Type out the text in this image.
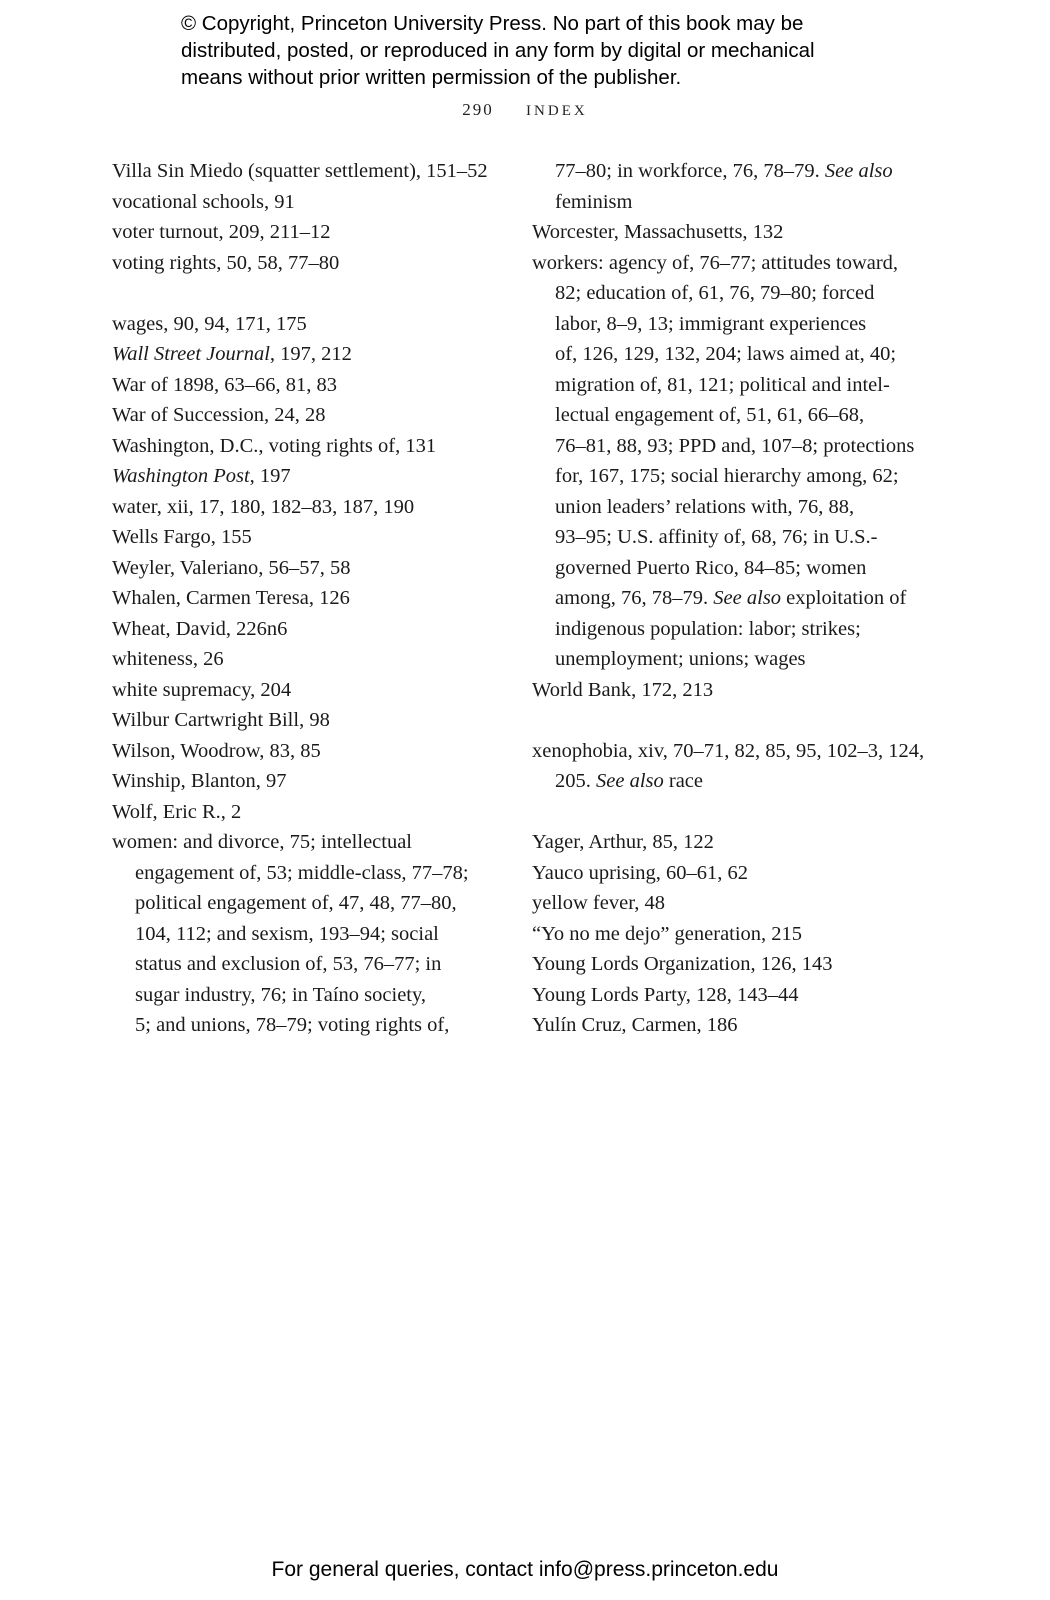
© Copyright, Princeton University Press. No part of this book may be
distributed, posted, or reproduced in any form by digital or mechanical
means without prior written permission of the publisher.
290 INDEX
Villa Sin Miedo (squatter settlement), 151–52
vocational schools, 91
voter turnout, 209, 211–12
voting rights, 50, 58, 77–80
wages, 90, 94, 171, 175
Wall Street Journal, 197, 212
War of 1898, 63–66, 81, 83
War of Succession, 24, 28
Washington, D.C., voting rights of, 131
Washington Post, 197
water, xii, 17, 180, 182–83, 187, 190
Wells Fargo, 155
Weyler, Valeriano, 56–57, 58
Whalen, Carmen Teresa, 126
Wheat, David, 226n6
whiteness, 26
white supremacy, 204
Wilbur Cartwright Bill, 98
Wilson, Woodrow, 83, 85
Winship, Blanton, 97
Wolf, Eric R., 2
women: and divorce, 75; intellectual
engagement of, 53; middle-class, 77–78;
political engagement of, 47, 48, 77–80,
104, 112; and sexism, 193–94; social
status and exclusion of, 53, 76–77; in
sugar industry, 76; in Taíno society,
5; and unions, 78–79; voting rights of,
77–80; in workforce, 76, 78–79. See also
feminism
Worcester, Massachusetts, 132
workers: agency of, 76–77; attitudes toward,
82; education of, 61, 76, 79–80; forced
labor, 8–9, 13; immigrant experiences
of, 126, 129, 132, 204; laws aimed at, 40;
migration of, 81, 121; political and intel-
lectual engagement of, 51, 61, 66–68,
76–81, 88, 93; PPD and, 107–8; protections
for, 167, 175; social hierarchy among, 62;
union leaders’ relations with, 76, 88,
93–95; U.S. affinity of, 68, 76; in U.S.-
governed Puerto Rico, 84–85; women
among, 76, 78–79. See also exploitation of
indigenous population: labor; strikes;
unemployment; unions; wages
World Bank, 172, 213
xenophobia, xiv, 70–71, 82, 85, 95, 102–3, 124,
205. See also race
Yager, Arthur, 85, 122
Yauco uprising, 60–61, 62
yellow fever, 48
“Yo no me dejo” generation, 215
Young Lords Organization, 126, 143
Young Lords Party, 128, 143–44
Yulín Cruz, Carmen, 186
For general queries, contact info@press.princeton.edu
